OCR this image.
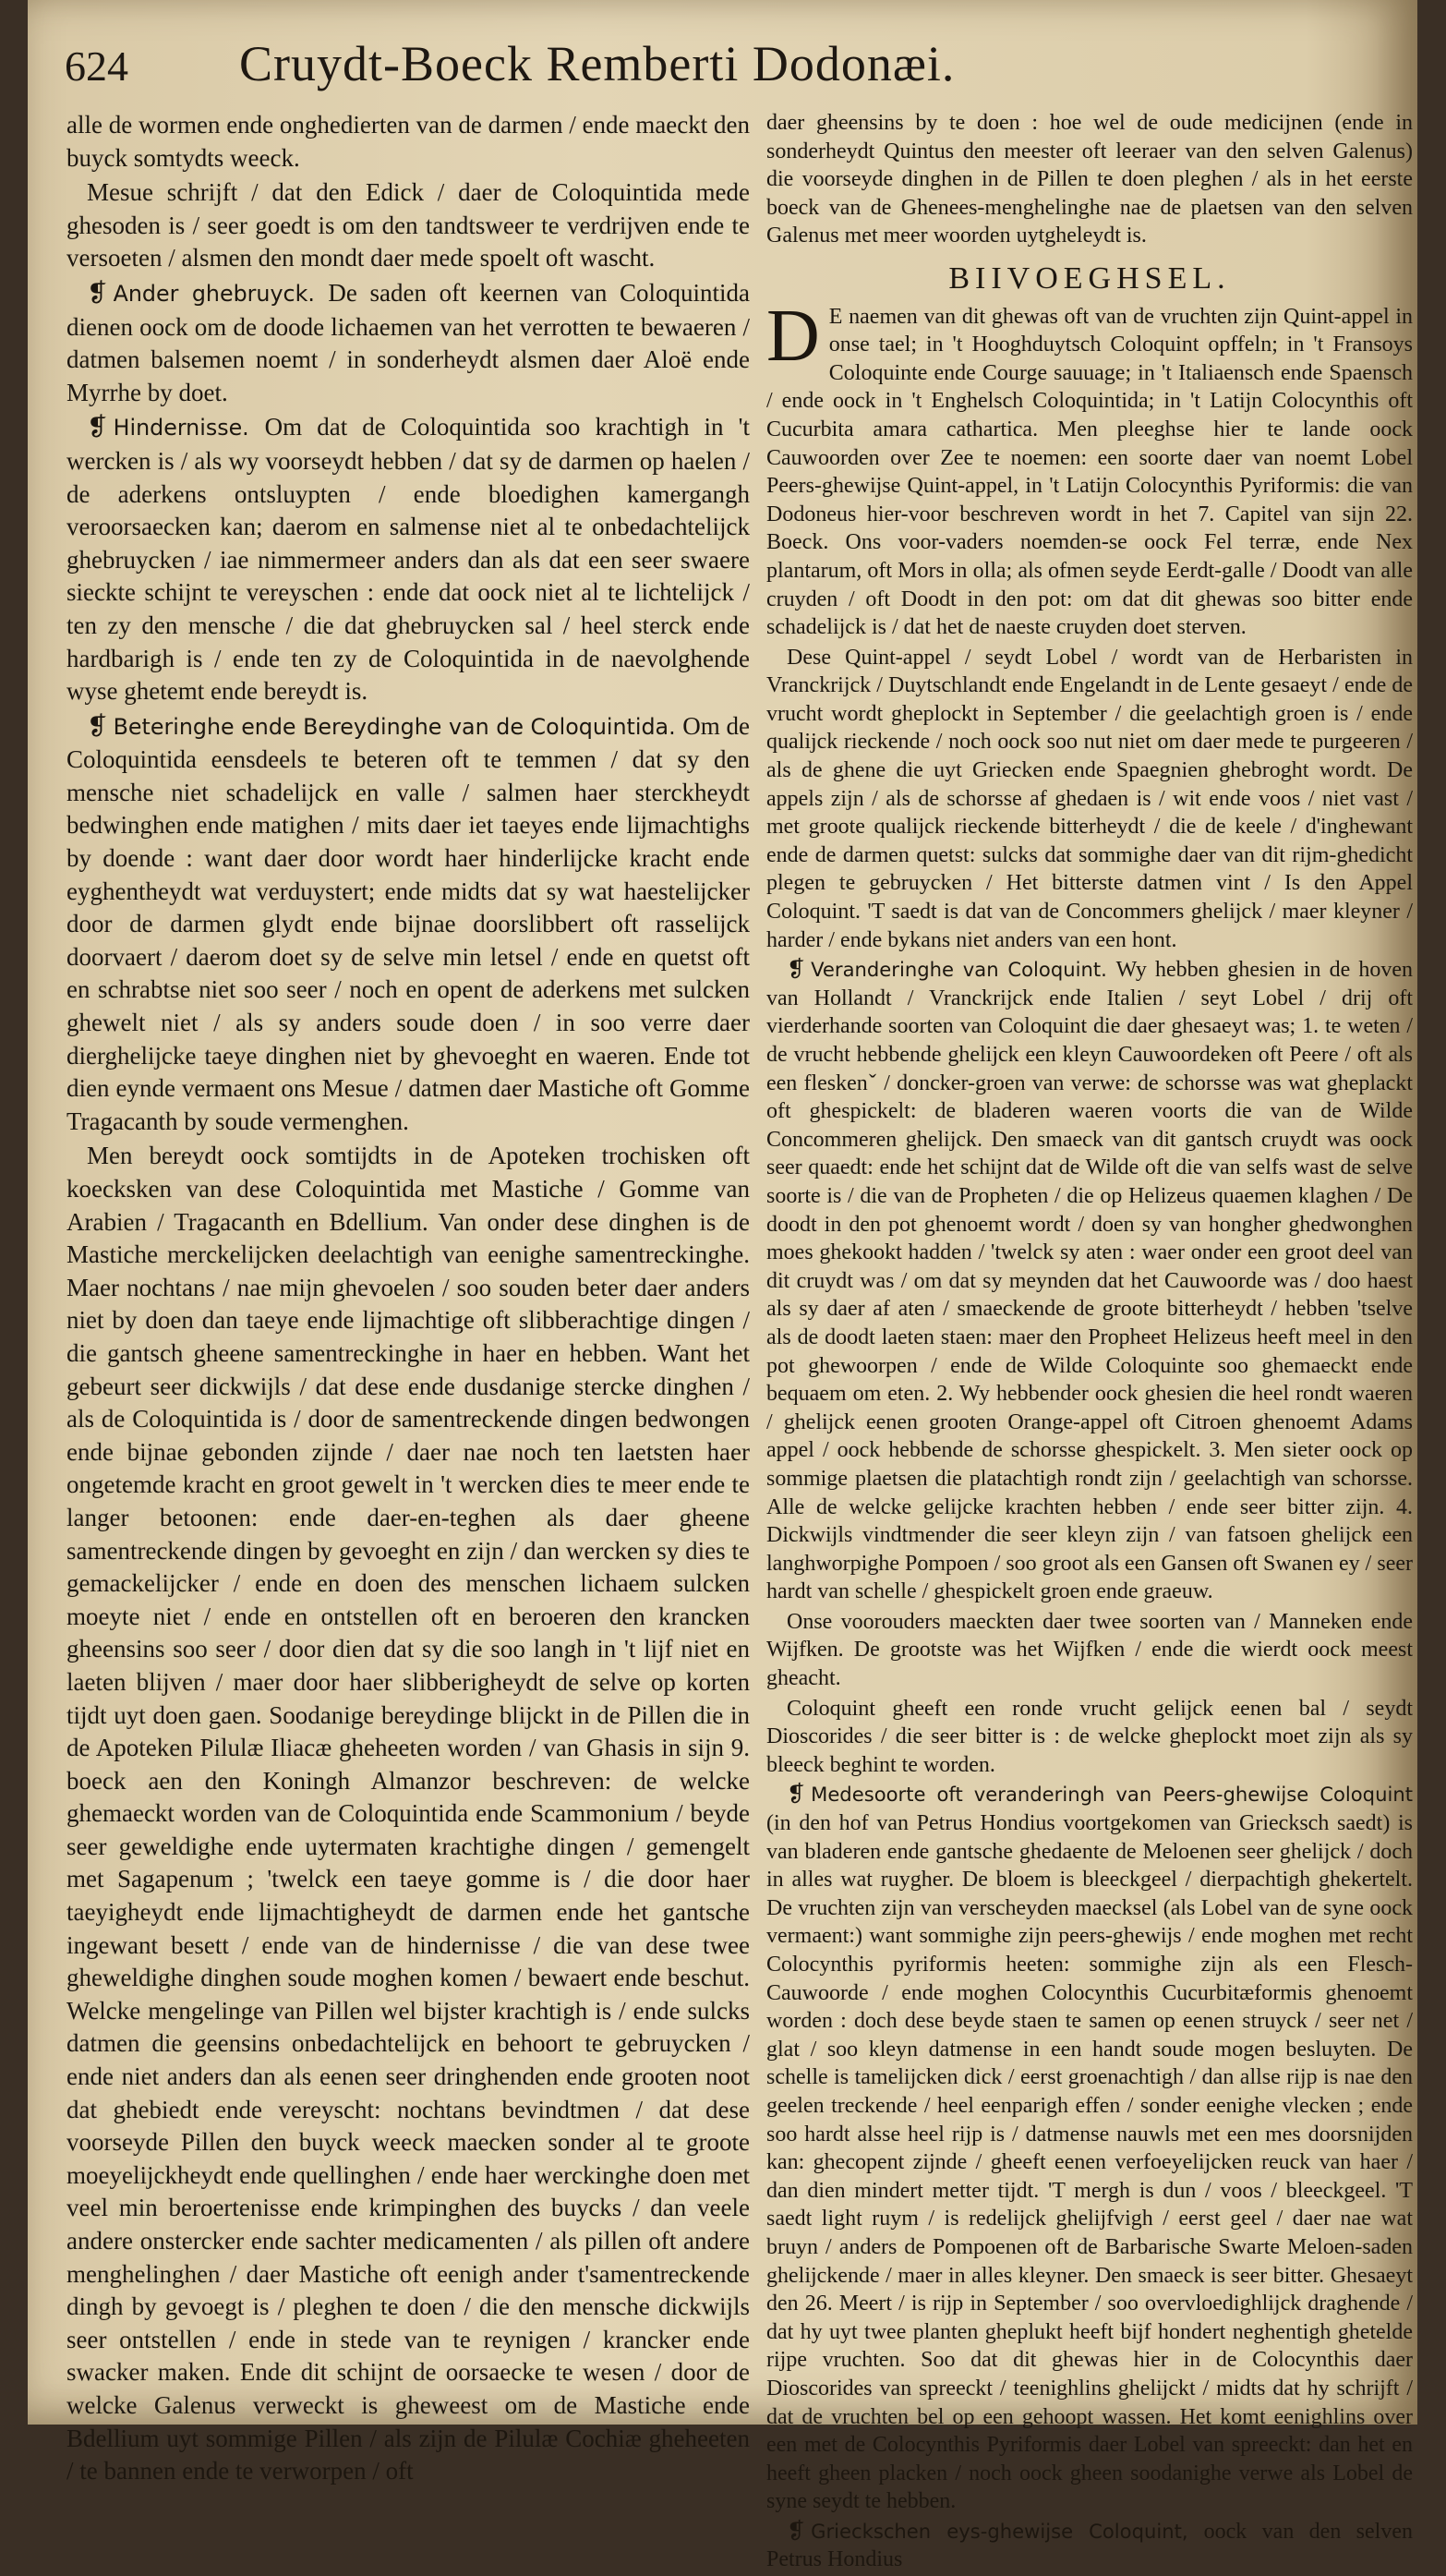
624 Cruydt-Boeck Remberti Dodonæi.

alle de wormen ende onghedierten van de darmen / ende maeckt den buyck somtydts weeck.

Mesue schrijft / dat den Edick / daer de Coloquintida mede ghesoden is / seer goedt is om den tandtsweer te verdrijven ende te versoeten / alsmen den mondt daer mede spoelt oft wascht.

❡ Ander ghebruyck. De saden oft keernen van Coloquintida dienen oock om de doode lichaemen van het verrotten te bewaeren / datmen balsemen noemt / in sonderheydt alsmen daer Aloë ende Myrrhe by doet.

❡ Hindernisse. Om dat de Coloquintida soo krachtigh in 't wercken is / als wy voorseydt hebben / dat sy de darmen op haelen / de aderkens ontsluypten / ende bloedighen kamergangh veroorsaecken kan; daerom en salmense niet al te onbedachtelijck ghebruycken / iae nimmermeer anders dan als dat een seer swaere sieckte schijnt te vereyschen : ende dat oock niet al te lichtelijck / ten zy den mensche / die dat ghebruycken sal / heel sterck ende hardbarigh is / ende ten zy de Coloquintida in de naevolghende wyse ghetemt ende bereydt is.

❡ Beteringhe ende Bereydinghe van de Coloquintida. Om de Coloquintida eensdeels te beteren oft te temmen / dat sy den mensche niet schadelijck en valle / salmen haer sterckheydt bedwinghen ende matighen / mits daer iet taeyes ende lijmachtighs by doende : want daer door wordt haer hinderlijcke kracht ende eyghentheydt wat verduystert; ende midts dat sy wat haestelijcker door de darmen glydt ende bijnae doorslibbert oft rasselijck doorvaert / daerom doet sy de selve min letsel / ende en quetst oft en schrabtse niet soo seer / noch en opent de aderkens met sulcken ghewelt niet / als sy anders soude doen / in soo verre daer dierghelijcke taeye dinghen niet by ghevoeght en waeren. Ende tot dien eynde vermaent ons Mesue / datmen daer Mastiche oft Gomme Tragacanth by soude vermenghen.

Men bereydt oock somtijdts in de Apoteken trochisken oft koecksken van dese Coloquintida met Mastiche / Gomme van Arabien / Tragacanth en Bdellium. Van onder dese dinghen is de Mastiche merckelijcken deelachtigh van eenighe samentreckinghe. Maer nochtans / nae mijn ghevoelen / soo souden beter daer anders niet by doen dan taeye ende lijmachtige oft slibberachtige dingen / die gantsch gheene samentreckinghe in haer en hebben. Want het gebeurt seer dickwijls / dat dese ende dusdanige stercke dinghen / als de Coloquintida is / door de samentreckende dingen bedwongen ende bijnae gebonden zijnde / daer nae noch ten laetsten haer ongetemde kracht en groot gewelt in 't wercken dies te meer ende te langer betoonen: ende daer-en-teghen als daer gheene samentreckende dingen by gevoeght en zijn / dan wercken sy dies te gemackelijcker / ende en doen des menschen lichaem sulcken moeyte niet / ende en ontstellen oft en beroeren den krancken gheensins soo seer / door dien dat sy die soo langh in 't lijf niet en laeten blijven / maer door haer slibberigheydt de selve op korten tijdt uyt doen gaen. Soodanige bereydinge blijckt in de Pillen die in de Apoteken Pilulæ Iliacæ gheheeten worden / van Ghasis in sijn 9. boeck aen den Koningh Almanzor beschreven: de welcke ghemaeckt worden van de Coloquintida ende Scammonium / beyde seer geweldighe ende uytermaten krachtighe dingen / gemengelt met Sagapenum ; 'twelck een taeye gomme is / die door haer taeyigheydt ende lijmachtigheydt de darmen ende het gantsche ingewant besett / ende van de hindernisse / die van dese twee gheweldighe dinghen soude moghen komen / bewaert ende beschut. Welcke mengelinge van Pillen wel bijster krachtigh is / ende sulcks datmen die geensins onbedachtelijck en behoort te gebruycken / ende niet anders dan als eenen seer dringhenden ende grooten noot dat ghebiedt ende vereyscht: nochtans bevindtmen / dat dese voorseyde Pillen den buyck weeck maecken sonder al te groote moeyelijckheydt ende quellinghen / ende haer werckinghe doen met veel min beroertenisse ende krimpinghen des buycks / dan veele andere onstercker ende sachter medicamenten / als pillen oft andere menghelinghen / daer Mastiche oft eenigh ander t'samentreckende dingh by gevoegt is / pleghen te doen / die den mensche dickwijls seer ontstellen / ende in stede van te reynigen / krancker ende swacker maken. Ende dit schijnt de oorsaecke te wesen / door de welcke Galenus verweckt is gheweest om de Mastiche ende Bdellium uyt sommige Pillen / als zijn de Pilulæ Cochiæ gheheeten / te bannen ende te verworpen / oft

daer gheensins by te doen : hoe wel de oude medicijnen (ende in sonderheydt Quintus den meester oft leeraer van den selven Galenus) die voorseyde dinghen in de Pillen te doen pleghen / als in het eerste boeck van de Ghenees-menghelinghe nae de plaetsen van den selven Galenus met meer woorden uytgheleydt is.

BIIVOEGHSEL.

D E naemen van dit ghewas oft van de vruchten zijn Quint-appel in onse tael; in 't Hooghduytsch Coloquint opffeln; in 't Fransoys Coloquinte ende Courge sauuage; in 't Italiaensch ende Spaensch / ende oock in 't Enghelsch Coloquintida; in 't Latijn Colocynthis oft Cucurbita amara cathartica. Men pleeghse hier te lande oock Cauwoorden over Zee te noemen: een soorte daer van noemt Lobel Peers-ghewijse Quint-appel, in 't Latijn Colocynthis Pyriformis: die van Dodoneus hier-voor beschreven wordt in het 7. Capitel van sijn 22. Boeck. Ons voor-vaders noemden-se oock Fel terræ, ende Nex plantarum, oft Mors in olla; als ofmen seyde Eerdt-galle / Doodt van alle cruyden / oft Doodt in den pot: om dat dit ghewas soo bitter ende schadelijck is / dat het de naeste cruyden doet sterven.

Dese Quint-appel / seydt Lobel / wordt van de Herbaristen in Vranckrijck / Duytschlandt ende Engelandt in de Lente gesaeyt / ende de vrucht wordt gheplockt in September / die geelachtigh groen is / ende qualijck rieckende / noch oock soo nut niet om daer mede te purgeeren / als de ghene die uyt Griecken ende Spaegnien ghebroght wordt. De appels zijn / als de schorsse af ghedaen is / wit ende voos / niet vast / met groote qualijck rieckende bitterheydt / die de keele / d'inghewant ende de darmen quetst: sulcks dat sommighe daer van dit rijm-ghedicht plegen te gebruycken / Het bitterste datmen vint / Is den Appel Coloquint. 'T saedt is dat van de Concommers ghelijck / maer kleyner / harder / ende bykans niet anders van een hont.

❡ Veranderinghe van Coloquint. Wy hebben ghesien in de hoven van Hollandt / Vranckrijck ende Italien / seyt Lobel / drij oft vierderhande soorten van Coloquint die daer ghesaeyt was; 1. te weten / de vrucht hebbende ghelijck een kleyn Cauwoordeken oft Peere / oft als een fleskenˇ / doncker-groen van verwe: de schorsse was wat gheplackt oft ghespickelt: de bladeren waeren voorts die van de Wilde Concommeren ghelijck. Den smaeck van dit gantsch cruydt was oock seer quaedt: ende het schijnt dat de Wilde oft die van selfs wast de selve soorte is / die van de Propheten / die op Helizeus quaemen klaghen / De doodt in den pot ghenoemt wordt / doen sy van hongher ghedwonghen moes ghekookt hadden / 'twelck sy aten : waer onder een groot deel van dit cruydt was / om dat sy meynden dat het Cauwoorde was / doo haest als sy daer af aten / smaeckende de groote bitterheydt / hebben 'tselve als de doodt laeten staen: maer den Propheet Helizeus heeft meel in den pot ghewoorpen / ende de Wilde Coloquinte soo ghemaeckt ende bequaem om eten. 2. Wy hebbender oock ghesien die heel rondt waeren / ghelijck eenen grooten Orange-appel oft Citroen ghenoemt Adams appel / oock hebbende de schorsse ghespickelt. 3. Men sieter oock op sommige plaetsen die platachtigh rondt zijn / geelachtigh van schorsse. Alle de welcke gelijcke krachten hebben / ende seer bitter zijn. 4. Dickwijls vindtmender die seer kleyn zijn / van fatsoen ghelijck een langhworpighe Pompoen / soo groot als een Gansen oft Swanen ey / seer hardt van schelle / ghespickelt groen ende graeuw.

Onse voorouders maeckten daer twee soorten van / Manneken ende Wijfken. De grootste was het Wijfken / ende die wierdt oock meest gheacht.

Coloquint gheeft een ronde vrucht gelijck eenen bal / seydt Dioscorides / die seer bitter is : de welcke gheplockt moet zijn als sy bleeck beghint te worden.

❡ Medesoorte oft veranderingh van Peers-ghewijse Coloquint (in den hof van Petrus Hondius voortgekomen van Griecksch saedt) is van bladeren ende gantsche ghedaente de Meloenen seer ghelijck / doch in alles wat ruygher. De bloem is bleeckgeel / dierpachtigh ghekertelt. De vruchten zijn van verscheyden maecksel (als Lobel van de syne oock vermaent:) want sommighe zijn peers-ghewijs / ende moghen met recht Colocynthis pyriformis heeten: sommighe zijn als een Flesch-Cauwoorde / ende moghen Colocynthis Cucurbitæformis ghenoemt worden : doch dese beyde staen te samen op eenen struyck / seer net / glat / soo kleyn datmense in een handt soude mogen besluyten. De schelle is tamelijcken dick / eerst groenachtigh / dan allse rijp is nae den geelen treckende / heel eenparigh effen / sonder eenighe vlecken ; ende soo hardt alsse heel rijp is / datmense nauwls met een mes doorsnijden kan: ghecopent zijnde / gheeft eenen verfoeyelijcken reuck van haer / dan dien mindert metter tijdt. 'T mergh is dun / voos / bleeckgeel. 'T saedt light ruym / is redelijck ghelijfvigh / eerst geel / daer nae wat bruyn / anders de Pompoenen oft de Barbarische Swarte Meloen-saden ghelijckende / maer in alles kleyner. Den smaeck is seer bitter. Ghesaeyt den 26. Meert / is rijp in September / soo overvloedighlijck draghende / dat hy uyt twee planten gheplukt heeft bijf hondert neghentigh ghetelde rijpe vruchten. Soo dat dit ghewas hier in de Colocynthis daer Dioscorides van spreeckt / teenighlins ghelijckt / midts dat hy schrijft / dat de vruchten bel op een gehoopt wassen. Het komt eenighlins over een met de Colocynthis Pyriformis daer Lobel van spreeckt: dan het en heeft gheen placken / noch oock gheen soodanighe verwe als Lobel de syne seydt te hebben.

❡ Grieckschen eys-ghewijse Coloquint, oock van den selven Petrus Hondius
